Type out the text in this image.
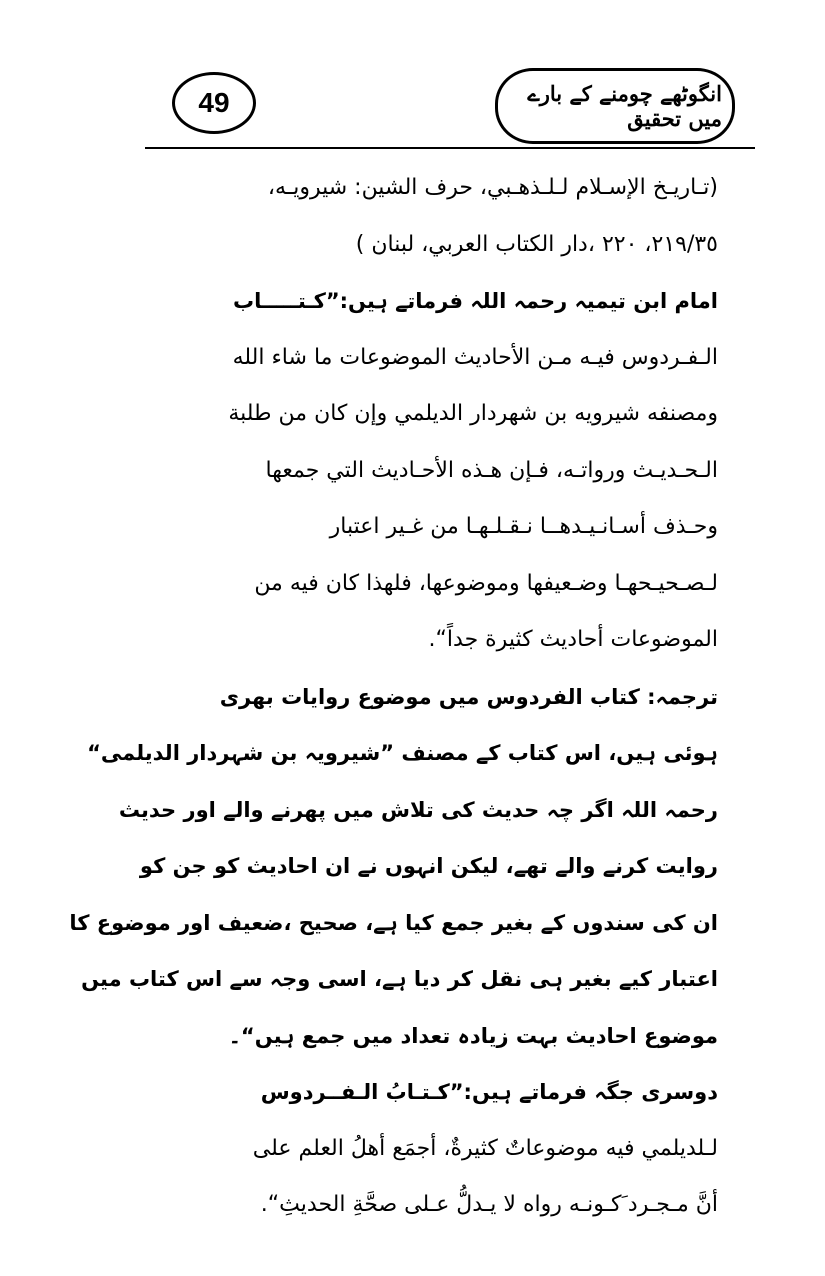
49	انگوٹھے چومنے کے بارے میں تحقیق
(تـاريـخ الإسـلام لـلـذهـبي، حرف الشين: شيرويـه،
٢١٩/٣٥، ٢٢٠ ،دار الكتاب العربي، لبنان )
امام ابن تیمیہ رحمہ اللہ فرماتے ہیں:”کـتـــــاب
الـفـردوس فيـه مـن الأحاديث الموضوعات ما شاء الله
ومصنفه شيرويه بن شهردار الديلمي وإن كان من طلبة
الـحـديـث ورواتـه، فـإن هـذه الأحـاديث التي جمعها
وحـذف أسـانـيـدهــا نـقـلـهـا من غـير اعتبار
لـصـحيـحهـا وضـعيفها وموضوعها، فلهذا كان فيه من
الموضوعات أحاديث كثيرة جداً“.
ترجمہ: کتاب الفردوس میں موضوع روایات بھری
ہوئی ہیں، اس کتاب کے مصنف ”شیرویہ بن شہردار الدیلمی“
رحمہ اللہ اگر چہ حدیث کی تلاش میں پھرنے والے اور حدیث
روایت کرنے والے تھے، لیکن انہوں نے ان احادیث کو جن کو
ان کی سندوں کے بغیر جمع کیا ہے، صحیح ،ضعیف اور موضوع کا
اعتبار کیے بغیر ہی نقل کر دیا ہے، اسی وجہ سے اس کتاب میں
موضوع احادیث بہت زیادہ تعداد میں جمع ہیں“۔
دوسری جگہ فرماتے ہیں:”کـتـابُ الـفــردوس
لـلديلمي فيه موضوعاتٌ كثيرةٌ، أجمَع أهلُ العلم على
أنَّ مـجـرد َكـونـه رواه لا يـدلُّ عـلى صحَّةِ الحديثِ“.
